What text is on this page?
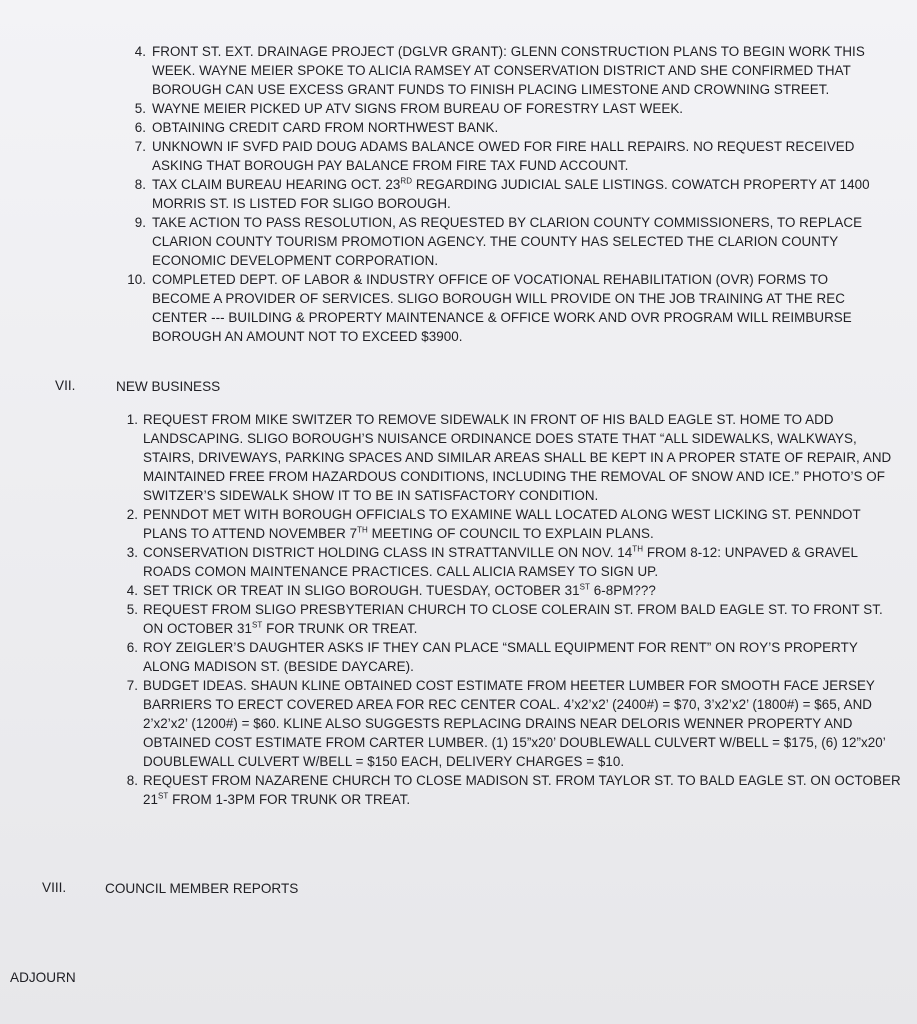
4. FRONT ST. EXT. DRAINAGE PROJECT (DGLVR GRANT): GLENN CONSTRUCTION PLANS TO BEGIN WORK THIS WEEK. WAYNE MEIER SPOKE TO ALICIA RAMSEY AT CONSERVATION DISTRICT AND SHE CONFIRMED THAT BOROUGH CAN USE EXCESS GRANT FUNDS TO FINISH PLACING LIMESTONE AND CROWNING STREET.
5. WAYNE MEIER PICKED UP ATV SIGNS FROM BUREAU OF FORESTRY LAST WEEK.
6. OBTAINING CREDIT CARD FROM NORTHWEST BANK.
7. UNKNOWN IF SVFD PAID DOUG ADAMS BALANCE OWED FOR FIRE HALL REPAIRS. NO REQUEST RECEIVED ASKING THAT BOROUGH PAY BALANCE FROM FIRE TAX FUND ACCOUNT.
8. TAX CLAIM BUREAU HEARING OCT. 23RD REGARDING JUDICIAL SALE LISTINGS. COWATCH PROPERTY AT 1400 MORRIS ST. IS LISTED FOR SLIGO BOROUGH.
9. TAKE ACTION TO PASS RESOLUTION, AS REQUESTED BY CLARION COUNTY COMMISSIONERS, TO REPLACE CLARION COUNTY TOURISM PROMOTION AGENCY. THE COUNTY HAS SELECTED THE CLARION COUNTY ECONOMIC DEVELOPMENT CORPORATION.
10. COMPLETED DEPT. OF LABOR & INDUSTRY OFFICE OF VOCATIONAL REHABILITATION (OVR) FORMS TO BECOME A PROVIDER OF SERVICES. SLIGO BOROUGH WILL PROVIDE ON THE JOB TRAINING AT THE REC CENTER --- BUILDING & PROPERTY MAINTENANCE & OFFICE WORK AND OVR PROGRAM WILL REIMBURSE BOROUGH AN AMOUNT NOT TO EXCEED $3900.
VII.	NEW BUSINESS
1. REQUEST FROM MIKE SWITZER TO REMOVE SIDEWALK IN FRONT OF HIS BALD EAGLE ST. HOME TO ADD LANDSCAPING. SLIGO BOROUGH’S NUISANCE ORDINANCE DOES STATE THAT “ALL SIDEWALKS, WALKWAYS, STAIRS, DRIVEWAYS, PARKING SPACES AND SIMILAR AREAS SHALL BE KEPT IN A PROPER STATE OF REPAIR, AND MAINTAINED FREE FROM HAZARDOUS CONDITIONS, INCLUDING THE REMOVAL OF SNOW AND ICE.” PHOTO’S OF SWITZER’S SIDEWALK SHOW IT TO BE IN SATISFACTORY CONDITION.
2. PENNDOT MET WITH BOROUGH OFFICIALS TO EXAMINE WALL LOCATED ALONG WEST LICKING ST. PENNDOT PLANS TO ATTEND NOVEMBER 7TH MEETING OF COUNCIL TO EXPLAIN PLANS.
3. CONSERVATION DISTRICT HOLDING CLASS IN STRATTANVILLE ON NOV. 14TH FROM 8-12: UNPAVED & GRAVEL ROADS COMON MAINTENANCE PRACTICES. CALL ALICIA RAMSEY TO SIGN UP.
4. SET TRICK OR TREAT IN SLIGO BOROUGH. TUESDAY, OCTOBER 31ST 6-8PM???
5. REQUEST FROM SLIGO PRESBYTERIAN CHURCH TO CLOSE COLERAIN ST. FROM BALD EAGLE ST. TO FRONT ST. ON OCTOBER 31ST FOR TRUNK OR TREAT.
6. ROY ZEIGLER’S DAUGHTER ASKS IF THEY CAN PLACE “SMALL EQUIPMENT FOR RENT” ON ROY’S PROPERTY ALONG MADISON ST. (BESIDE DAYCARE).
7. BUDGET IDEAS. SHAUN KLINE OBTAINED COST ESTIMATE FROM HEETER LUMBER FOR SMOOTH FACE JERSEY BARRIERS TO ERECT COVERED AREA FOR REC CENTER COAL. 4’x2’x2’ (2400#) = $70, 3’x2’x2’ (1800#) = $65, AND 2’x2’x2’ (1200#) = $60. KLINE ALSO SUGGESTS REPLACING DRAINS NEAR DELORIS WENNER PROPERTY AND OBTAINED COST ESTIMATE FROM CARTER LUMBER. (1) 15”x20’ DOUBLEWALL CULVERT W/BELL = $175, (6) 12”x20’ DOUBLEWALL CULVERT W/BELL = $150 EACH, DELIVERY CHARGES = $10.
8. REQUEST FROM NAZARENE CHURCH TO CLOSE MADISON ST. FROM TAYLOR ST. TO BALD EAGLE ST. ON OCTOBER 21ST FROM 1-3PM FOR TRUNK OR TREAT.
VIII.	COUNCIL MEMBER REPORTS
ADJOURN
